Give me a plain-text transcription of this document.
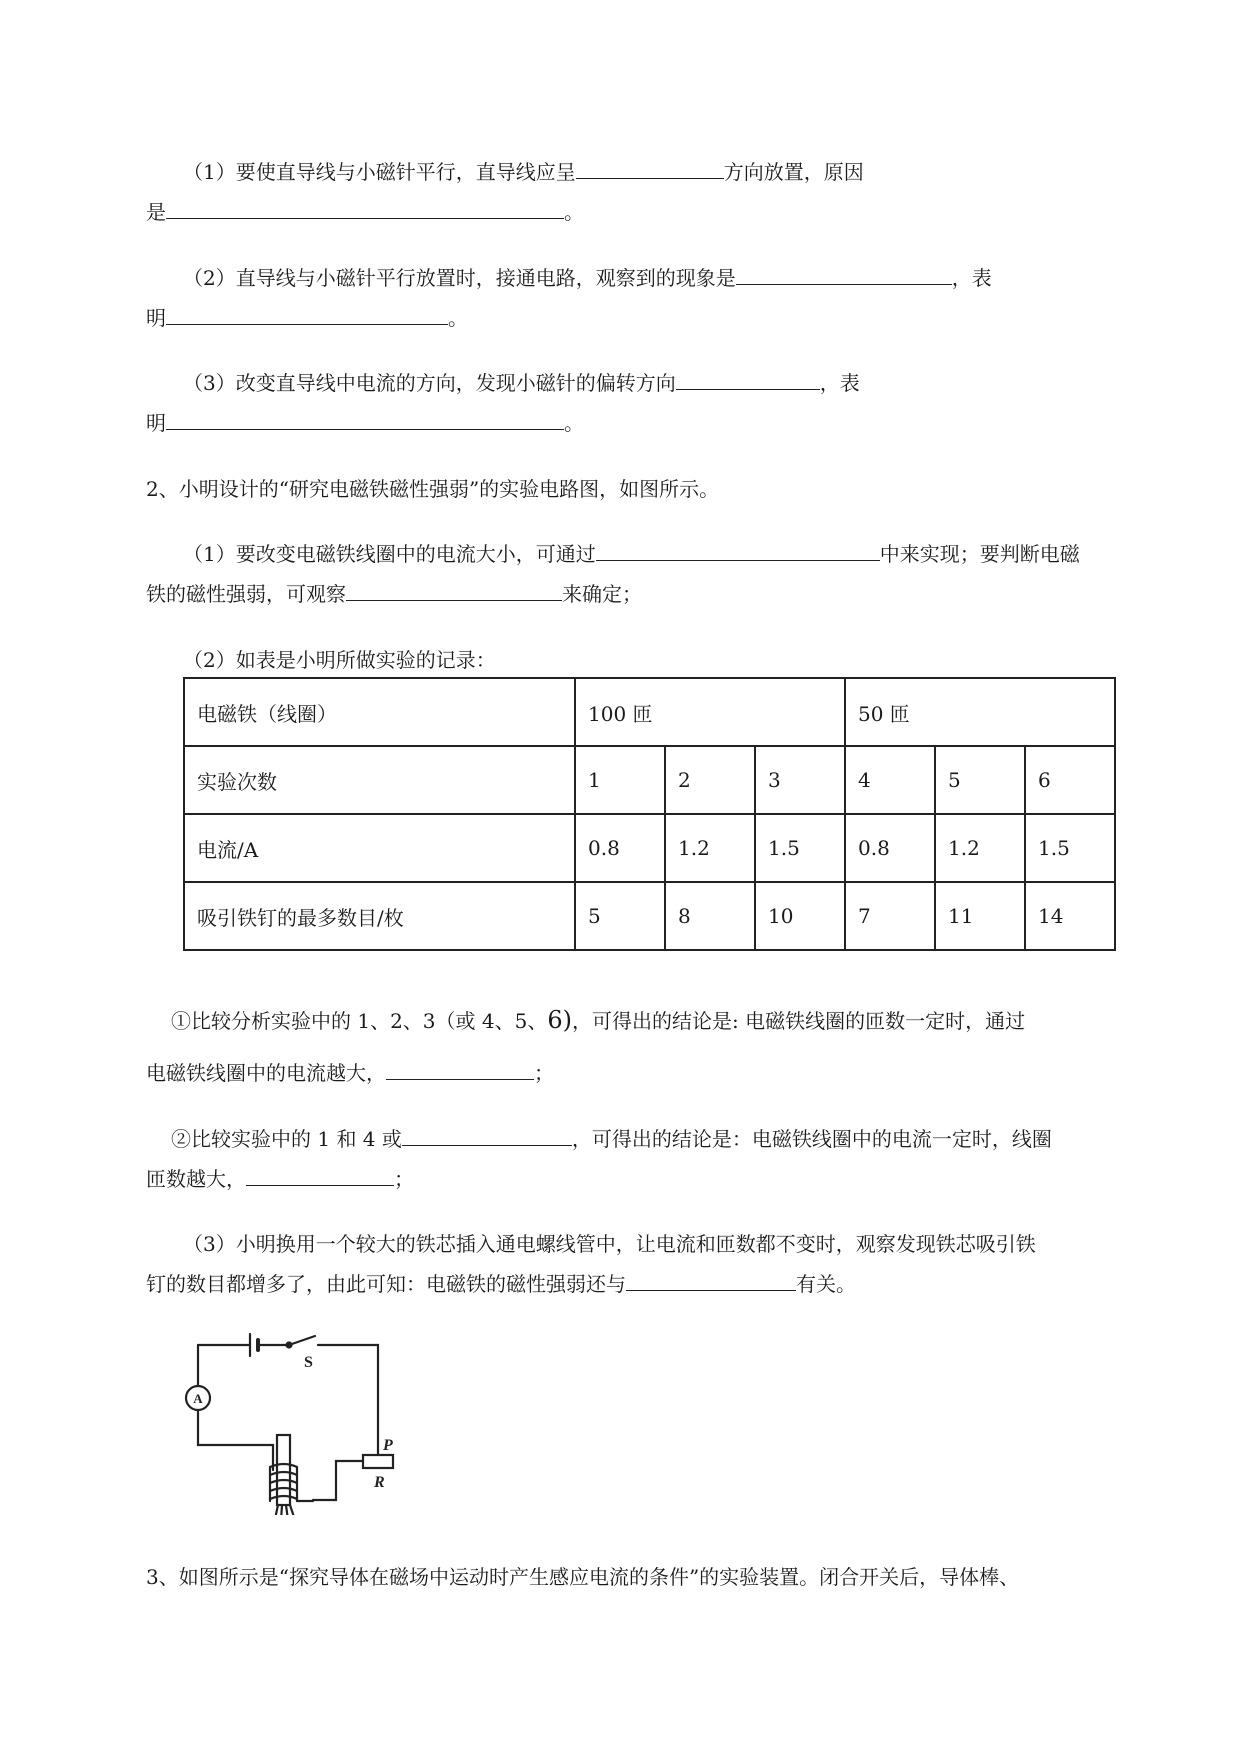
（1）要使直导线与小磁针平行，直导线应呈	方向放置，原因
是	。
（2）直导线与小磁针平行放置时，接通电路，观察到的现象是	，表
明	。
（3）改变直导线中电流的方向，发现小磁针的偏转方向	，表
明	。
2、小明设计的“研究电磁铁磁性强弱”的实验电路图，如图所示。
（1）要改变电磁铁线圈中的电流大小，可通过	中来实现；要判断电磁
铁的磁性强弱，可观察	来确定；
（2）如表是小明所做实验的记录：
电磁铁（线圈）	100 匝			50 匝		
实验次数	1	2	3	4	5	6
电流/A	0.8	1.2	1.5	0.8	1.2	1.5
吸引铁钉的最多数目/枚	5	8	10	7	11	14
①比较分析实验中的 1、2、3（或 4、5、6)，可得出的结论是: 电磁铁线圈的匝数一定时，通过
电磁铁线圈中的电流越大，	；
②比较实验中的 1 和 4 或	，可得出的结论是：电磁铁线圈中的电流一定时，线圈
匝数越大，	；
（3）小明换用一个较大的铁芯插入通电螺线管中，让电流和匝数都不变时，观察发现铁芯吸引铁
钉的数目都增多了，由此可知：电磁铁的磁性强弱还与	有关。
A
S
P
R
3、如图所示是“探究导体在磁场中运动时产生感应电流的条件”的实验装置。闭合开关后，导体棒、
